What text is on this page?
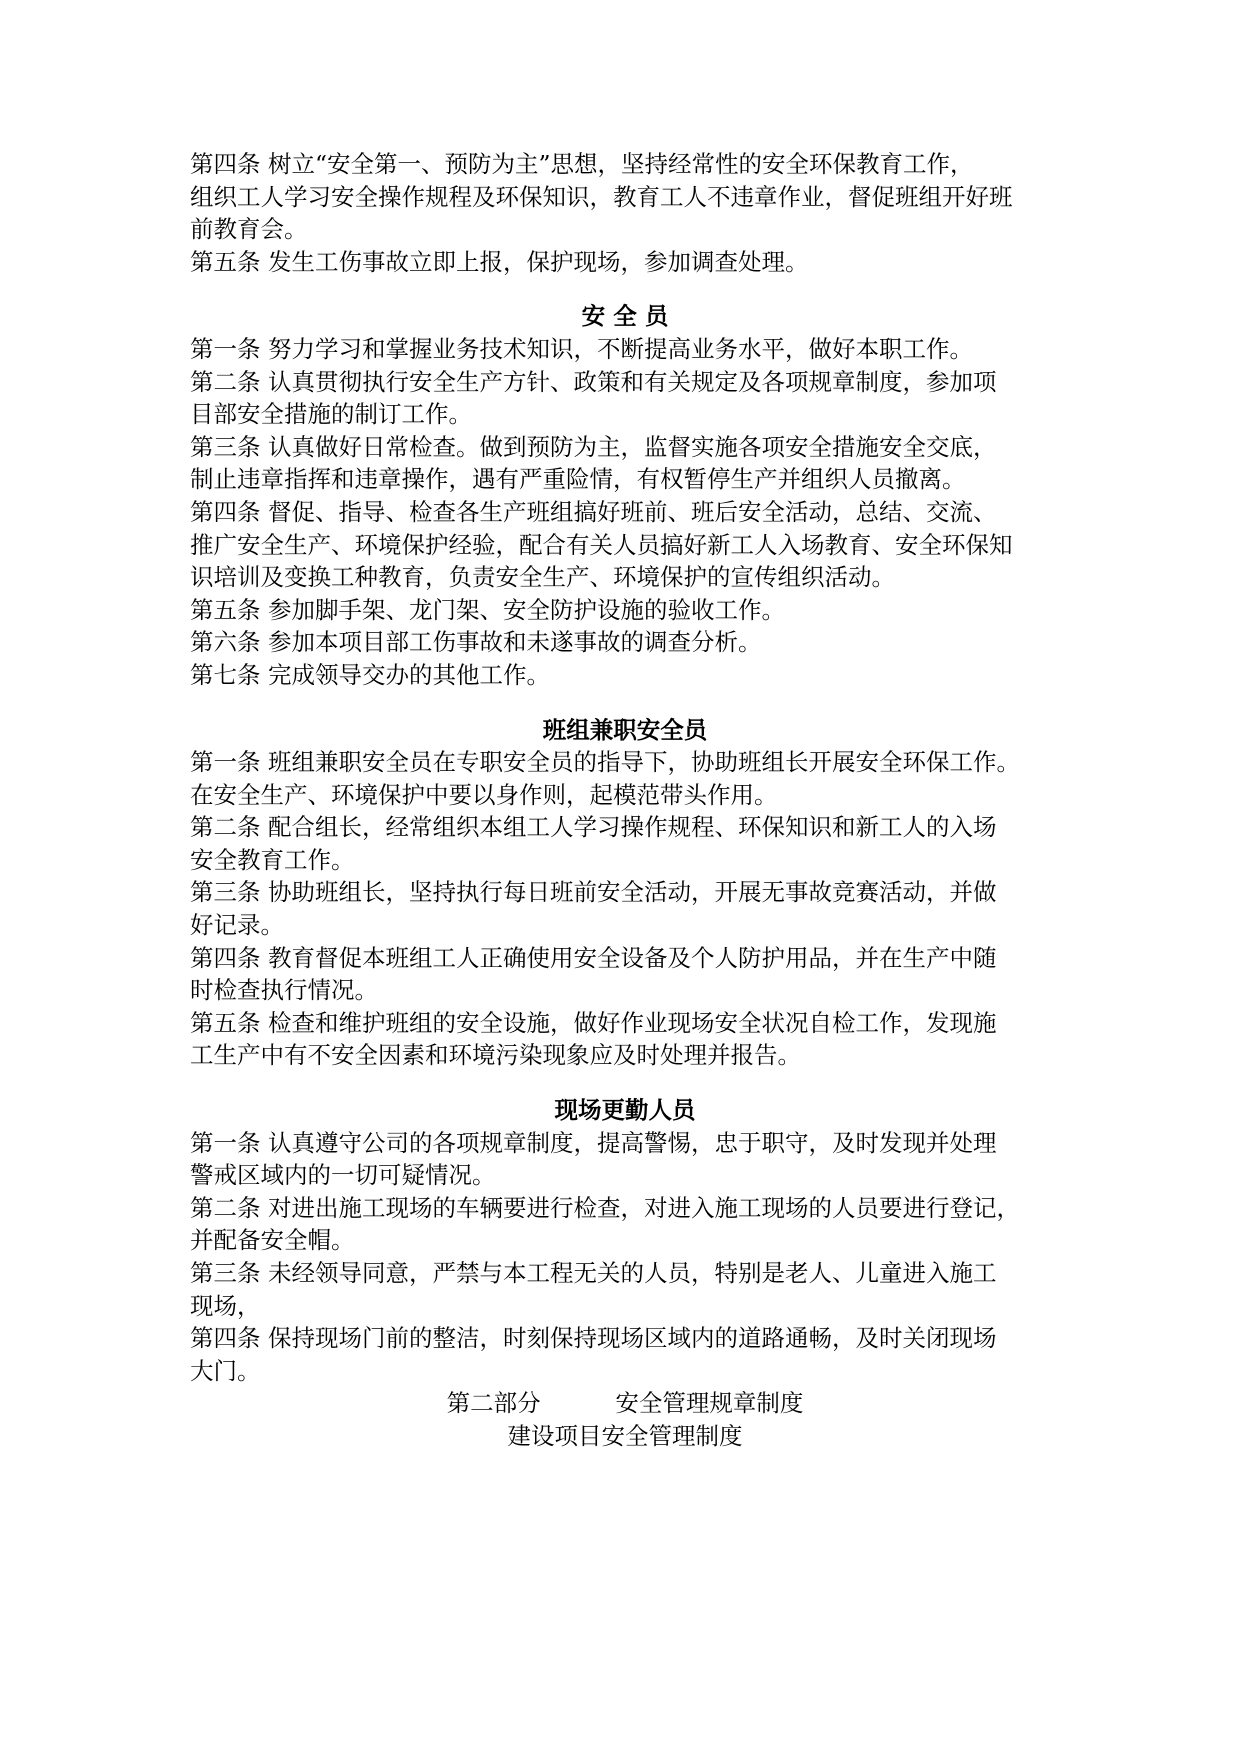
第四条 树立“安全第一、预防为主”思想，坚持经常性的安全环保教育工作，

组织工人学习安全操作规程及环保知识，教育工人不违章作业，督促班组开好班

前教育会。

第五条 发生工伤事故立即上报，保护现场，参加调查处理。

安 全 员

第一条 努力学习和掌握业务技术知识，不断提高业务水平，做好本职工作。

第二条 认真贯彻执行安全生产方针、政策和有关规定及各项规章制度，参加项

目部安全措施的制订工作。

第三条 认真做好日常检查。做到预防为主，监督实施各项安全措施安全交底，

制止违章指挥和违章操作，遇有严重险情，有权暂停生产并组织人员撤离。

第四条 督促、指导、检查各生产班组搞好班前、班后安全活动，总结、交流、

推广安全生产、环境保护经验，配合有关人员搞好新工人入场教育、安全环保知

识培训及变换工种教育，负责安全生产、环境保护的宣传组织活动。

第五条 参加脚手架、龙门架、安全防护设施的验收工作。

第六条 参加本项目部工伤事故和未遂事故的调查分析。

第七条 完成领导交办的其他工作。

班组兼职安全员

第一条 班组兼职安全员在专职安全员的指导下，协助班组长开展安全环保工作。

在安全生产、环境保护中要以身作则，起模范带头作用。

第二条 配合组长，经常组织本组工人学习操作规程、环保知识和新工人的入场

安全教育工作。

第三条 协助班组长，坚持执行每日班前安全活动，开展无事故竞赛活动，并做

好记录。

第四条 教育督促本班组工人正确使用安全设备及个人防护用品，并在生产中随

时检查执行情况。

第五条 检查和维护班组的安全设施，做好作业现场安全状况自检工作，发现施

工生产中有不安全因素和环境污染现象应及时处理并报告。

现场更勤人员

第一条 认真遵守公司的各项规章制度，提高警惕，忠于职守，及时发现并处理

警戒区域内的一切可疑情况。

第二条 对进出施工现场的车辆要进行检查，对进入施工现场的人员要进行登记，

并配备安全帽。

第三条 未经领导同意，严禁与本工程无关的人员，特别是老人、儿童进入施工

现场，

第四条 保持现场门前的整洁，时刻保持现场区域内的道路通畅，及时关闭现场

大门。

第二部分          安全管理规章制度

建设项目安全管理制度
